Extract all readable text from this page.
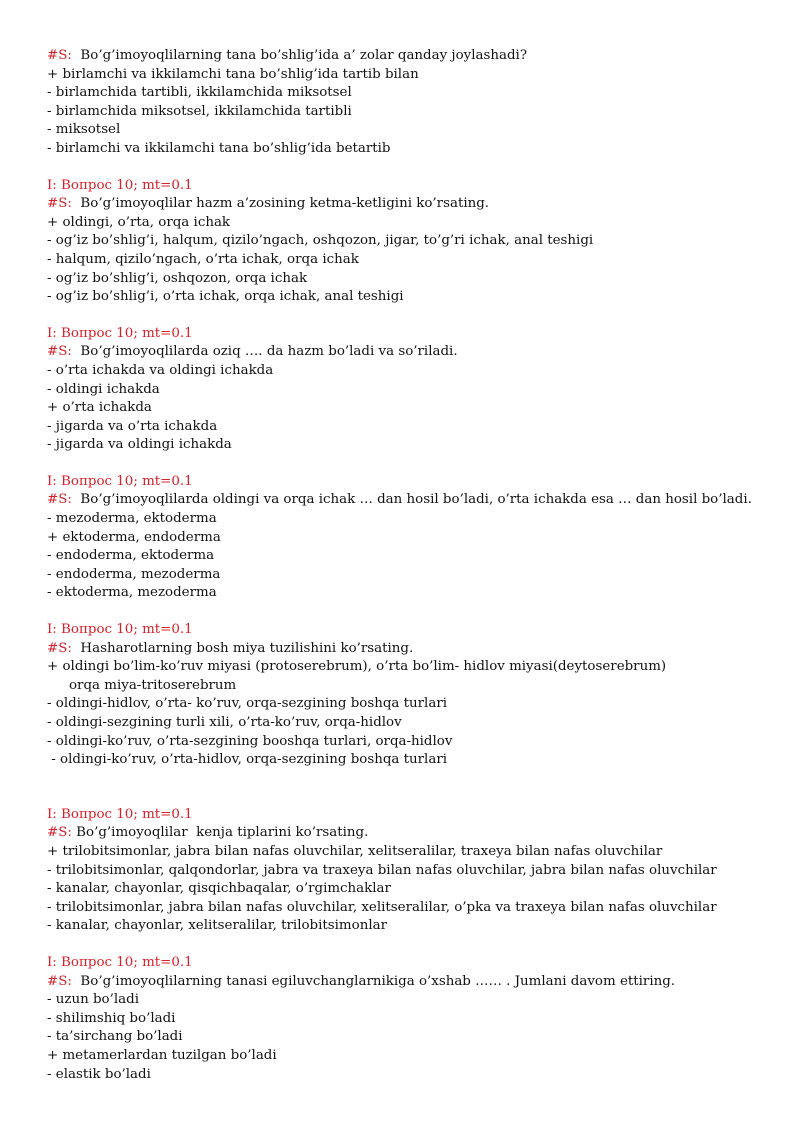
#S: Bo’g’imoyoqlilarning tana bo’shlig’ida a’ zolar qanday joylashadi?
+ birlamchi va ikkilamchi tana bo’shlig’ida tartib bilan
- birlamchida tartibli, ikkilamchida miksotsel
- birlamchida miksotsel, ikkilamchida tartibli
- miksotsel
- birlamchi va ikkilamchi tana bo’shlig’ida betartib
I: Вопрос 10; mt=0.1
#S: Bo’g’imoyoqlilar hazm a’zosining ketma-ketligini ko’rsating.
+ oldingi, o’rta, orqa ichak
- og’iz bo’shlig’i, halqum, qizilo’ngach, oshqozon, jigar, to’g’ri ichak, anal teshigi
- halqum, qizilo’ngach, o’rta ichak, orqa ichak
- og’iz bo’shlig’i, oshqozon, orqa ichak
- og’iz bo’shlig’i, o’rta ichak, orqa ichak, anal teshigi
I: Вопрос 10; mt=0.1
#S: Bo’g’imoyoqlilarda oziq …. da hazm bo’ladi va so’riladi.
- o’rta ichakda va oldingi ichakda
- oldingi ichakda
+ o’rta ichakda
- jigarda va o’rta ichakda
- jigarda va oldingi ichakda
I: Вопрос 10; mt=0.1
#S: Bo’g’imoyoqlilarda oldingi va orqa ichak … dan hosil bo’ladi, o’rta ichakda esa … dan hosil bo’ladi.
- mezoderma, ektoderma
+ ektoderma, endoderma
- endoderma, ektoderma
- endoderma, mezoderma
- ektoderma, mezoderma
I: Вопрос 10; mt=0.1
#S: Hasharotlarning bosh miya tuzilishini ko’rsating.
+ oldingi bo’lim-ko’ruv miyasi (protoserebrum), o’rta bo’lim- hidlov miyasi(deytoserebrum)
orqa miya-tritoserebrum
- oldingi-hidlov, o’rta- ko’ruv, orqa-sezgining boshqa turlari
- oldingi-sezgining turli xili, o’rta-ko’ruv, orqa-hidlov
- oldingi-ko’ruv, o’rta-sezgining booshqa turlari, orqa-hidlov
- oldingi-ko’ruv, o’rta-hidlov, orqa-sezgining boshqa turlari
I: Вопрос 10; mt=0.1
#S: Bo’g’imoyoqlilar  kenja tiplarini ko’rsating.
+ trilobitsimonlar, jabra bilan nafas oluvchilar, xelitseralilar, traxeya bilan nafas oluvchilar
- trilobitsimonlar, qalqondorlar, jabra va traxeya bilan nafas oluvchilar, jabra bilan nafas oluvchilar
- kanalar, chayonlar, qisqichbaqalar, o’rgimchaklar
- trilobitsimonlar, jabra bilan nafas oluvchilar, xelitseralilar, o’pka va traxeya bilan nafas oluvchilar
- kanalar, chayonlar, xelitseralilar, trilobitsimonlar
I: Вопрос 10; mt=0.1
#S: Bo’g’imoyoqlilarning tanasi egiluvchanglarnikiga o’xshab …… . Jumlani davom ettiring.
- uzun bo’ladi
- shilimshiq bo’ladi
- ta’sirchang bo’ladi
+ metamerlardan tuzilgan bo’ladi
- elastik bo’ladi
